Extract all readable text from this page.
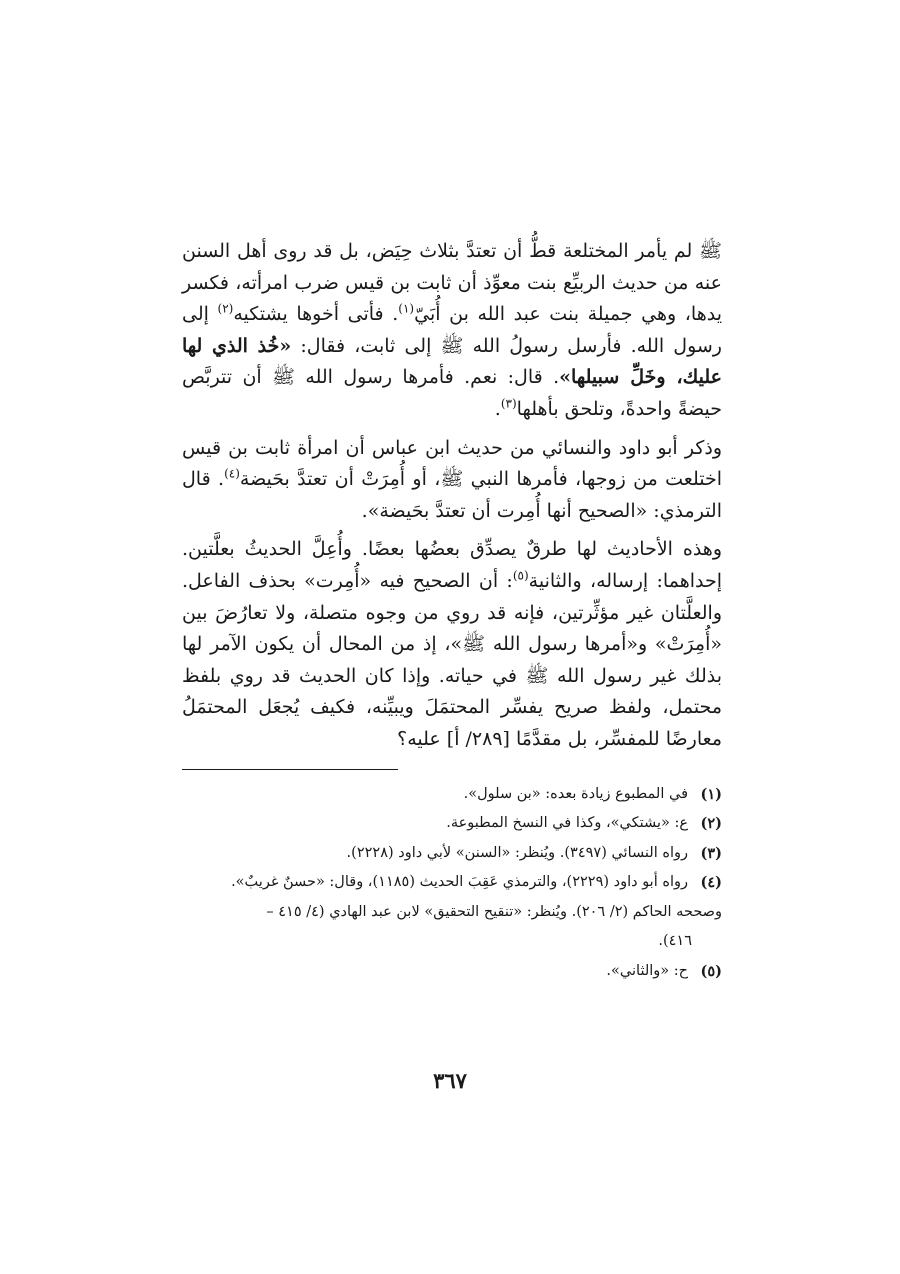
ﷺ لم يأمر المختلعة قطُّ أن تعتدَّ بثلاث حِيَض، بل قد روى أهل السنن عنه من حديث الربيِّع بنت معوِّذ أن ثابت بن قيس ضرب امرأته، فكسر يدها، وهي جميلة بنت عبد الله بن أُبَيّ$^{(١)}$. فأتى أخوها يشتكيه$^{(٢)}$ إلى رسول الله. فأرسل رسولُ الله ﷺ إلى ثابت، فقال: «خُذ الذي لها عليك، وخَلِّ سبيلها». قال: نعم. فأمرها رسول الله ﷺ أن تتربَّص حيضةً واحدةً، وتلحق بأهلها$^{(٣)}$.

وذكر أبو داود والنسائي من حديث ابن عباس أن امرأة ثابت بن قيس اختلعت من زوجها، فأمرها النبي ﷺ، أو أُمِرَتْ أن تعتدَّ بحَيضة$^{(٤)}$. قال الترمذي: «الصحيح أنها أُمِرت أن تعتدَّ بحَيضة».

وهذه الأحاديث لها طرقٌ يصدِّق بعضُها بعضًا. وأُعِلَّ الحديثُ بعلَّتين. إحداهما: إرساله، والثانية$^{(٥)}$: أن الصحيح فيه «أُمِرت» بحذف الفاعل. والعلَّتان غير مؤثِّرتين، فإنه قد روي من وجوه متصلة، ولا تعارُضَ بين «أُمِرَتْ» و«أمرها رسول الله ﷺ»، إذ من المحال أن يكون الآمر لها بذلك غير رسول الله ﷺ في حياته. وإذا كان الحديث قد روي بلفظ محتمل، ولفظ صريح يفسِّر المحتمَلَ ويبيِّنه، فكيف يُجعَل المحتمَلُ معارضًا للمفسِّر، بل مقدَّمًا [٢٨٩/ أ] عليه؟

(١)
في المطبوع زيادة بعده: «بن سلول».
(٢)
ع: «يشتكي»، وكذا في النسخ المطبوعة.
(٣)
رواه النسائي (٣٤٩٧). ويُنظر: «السنن» لأبي داود (٢٢٢٨).
(٤)
رواه أبو داود (٢٢٢٩)، والترمذي عَقِبَ الحديث (١١٨٥)، وقال: «حسنٌ غريبٌ».
وصححه الحاكم (٢/ ٢٠٦). ويُنظر: «تنقيح التحقيق» لابن عبد الهادي (٤/ ٤١٥ –
٤١٦).
(٥)
ح: «والثاني».
٣٦٧
